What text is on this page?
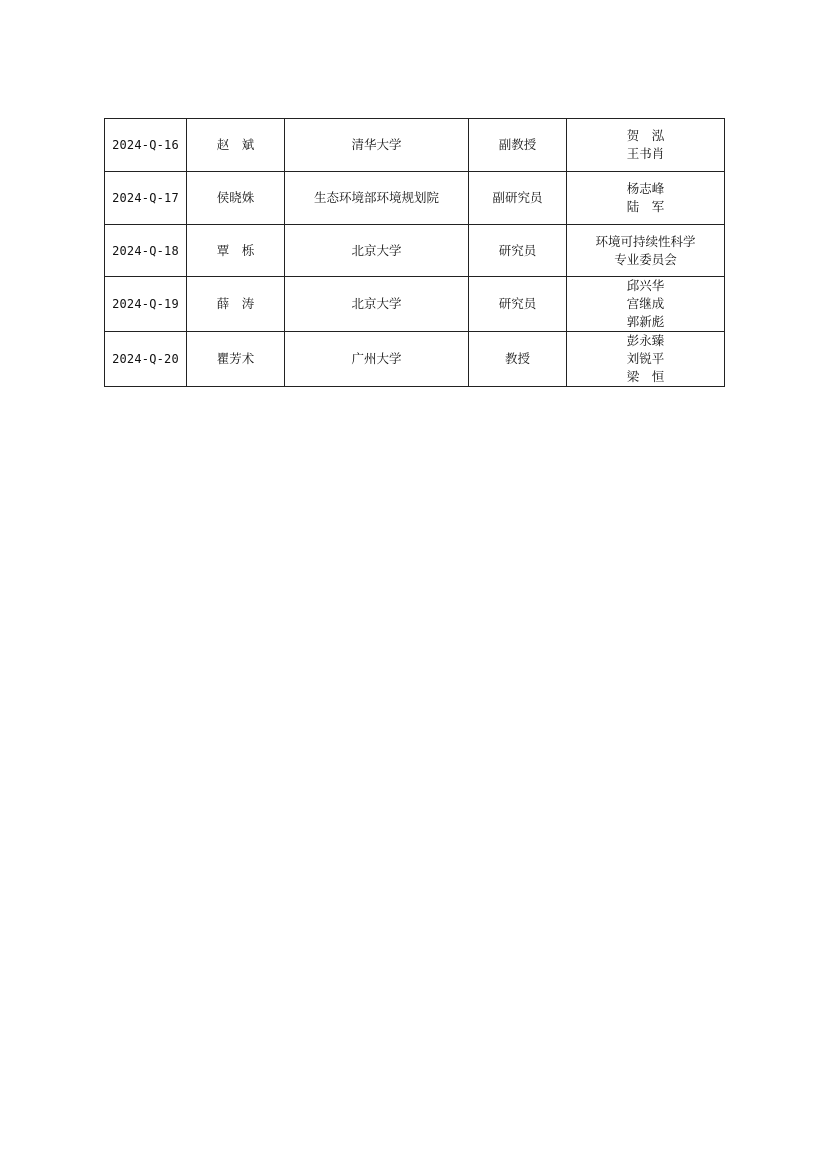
2024-Q-16	赵　斌	清华大学	副教授	贺　泓
王书肖

2024-Q-17	侯晓姝	生态环境部环境规划院	副研究员	杨志峰
陆　军

2024-Q-18	覃　栎	北京大学	研究员	环境可持续性科学
专业委员会

2024-Q-19	薛　涛	北京大学	研究员	邱兴华
宫继成
郭新彪

2024-Q-20	瞿芳术	广州大学	教授	彭永臻
刘锐平
梁　恒
